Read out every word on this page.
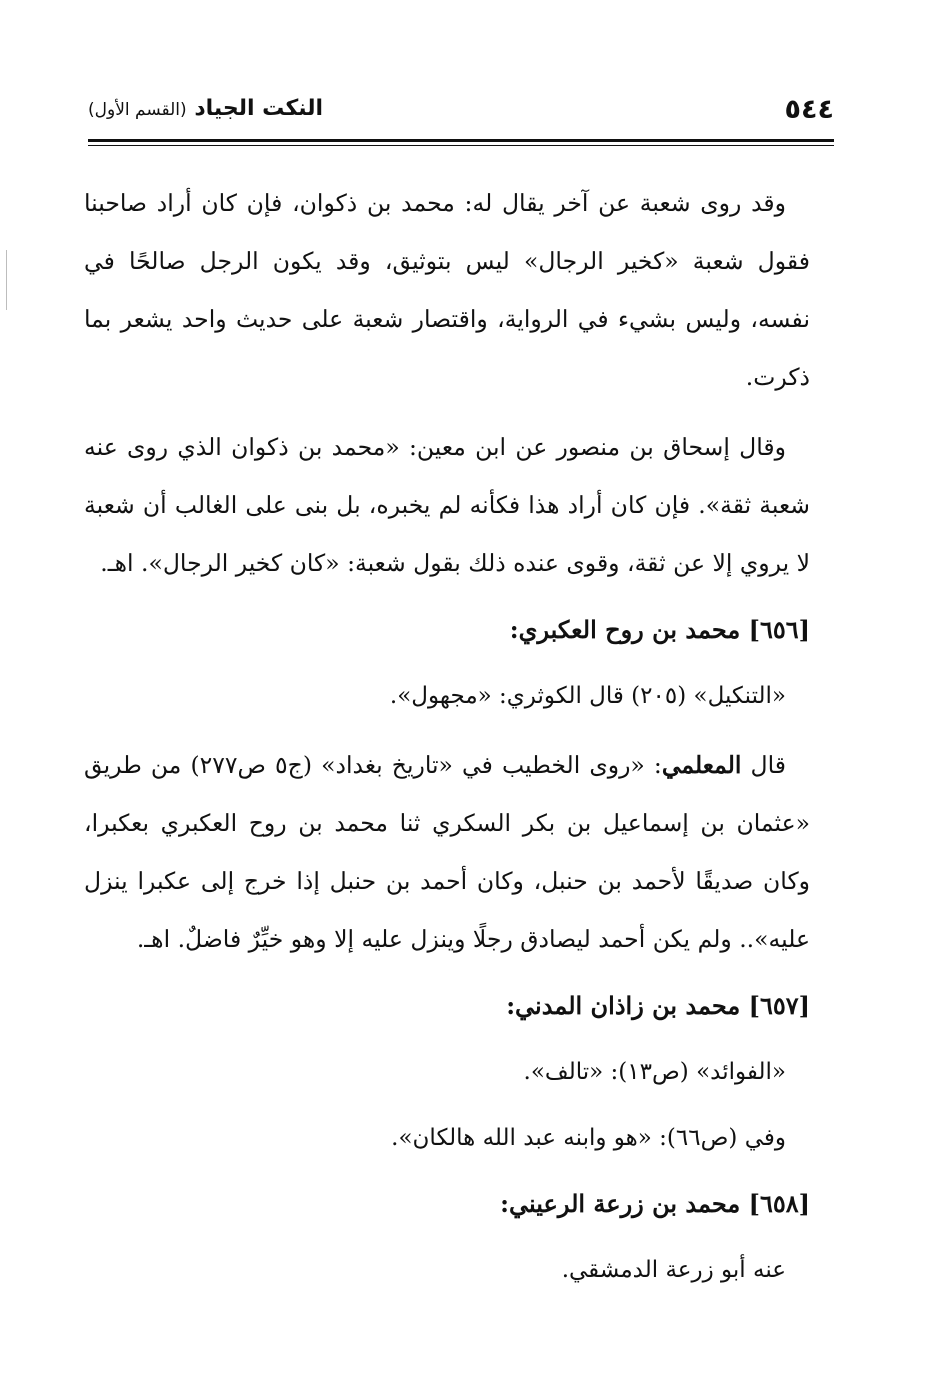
٥٤٤
النكت الجياد (القسم الأول)

وقد روى شعبة عن آخر يقال له: محمد بن ذكوان، فإن كان أراد صاحبنا فقول شعبة «كخير الرجال» ليس بتوثيق، وقد يكون الرجل صالحًا في نفسه، وليس بشيء في الرواية، واقتصار شعبة على حديث واحد يشعر بما ذكرت.

وقال إسحاق بن منصور عن ابن معين: «محمد بن ذكوان الذي روى عنه شعبة ثقة». فإن كان أراد هذا فكأنه لم يخبره، بل بنى على الغالب أن شعبة لا يروي إلا عن ثقة، وقوى عنده ذلك بقول شعبة: «كان كخير الرجال». اهـ.

[٦٥٦] محمد بن روح العكبري:
«التنكيل» (٢٠٥) قال الكوثري: «مجهول».

قال المعلمي: «روى الخطيب في «تاريخ بغداد» (ج٥ ص٢٧٧) من طريق «عثمان بن إسماعيل بن بكر السكري ثنا محمد بن روح العكبري بعكبرا، وكان صديقًا لأحمد بن حنبل، وكان أحمد بن حنبل إذا خرج إلى عكبرا ينزل عليه».. ولم يكن أحمد ليصادق رجلًا وينزل عليه إلا وهو خيِّرٌ فاضلٌ. اهـ.

[٦٥٧] محمد بن زاذان المدني:
«الفوائد» (ص١٣): «تالف».
وفي (ص٦٦): «هو وابنه عبد الله هالكان».
[٦٥٨] محمد بن زرعة الرعيني:
عنه أبو زرعة الدمشقي.
